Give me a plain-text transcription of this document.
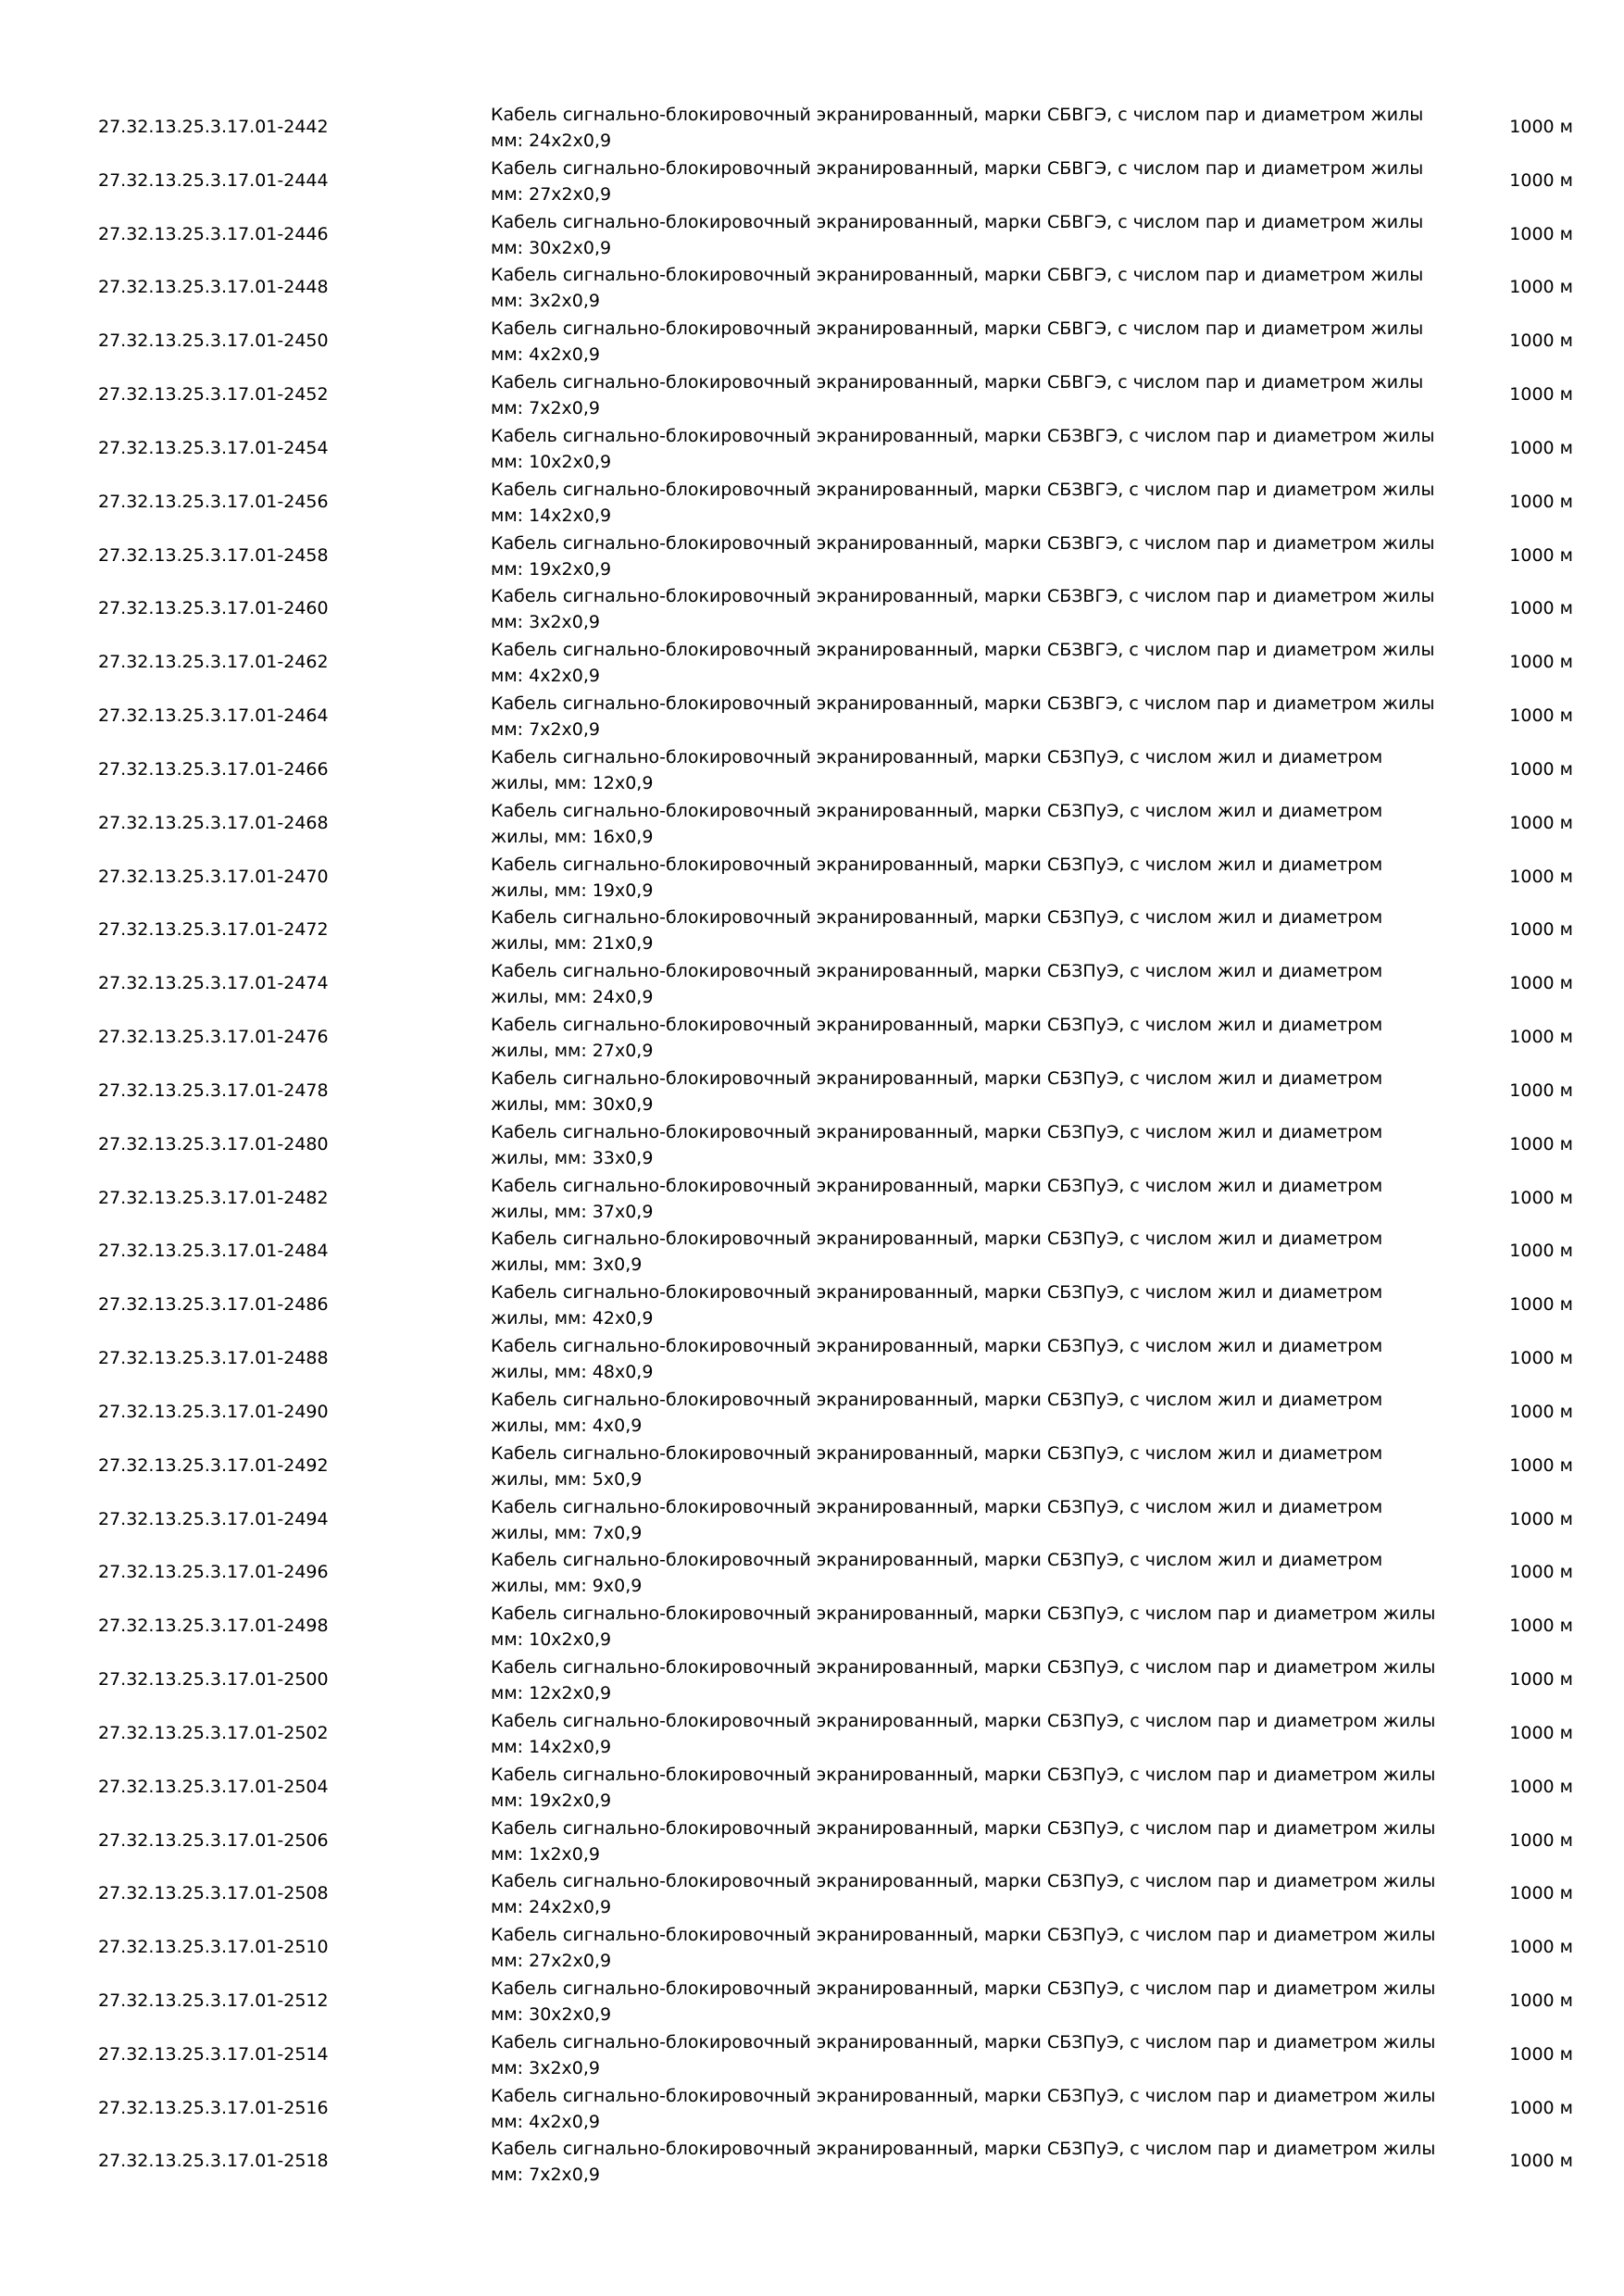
27.32.13.25.3.17.01-2442
Кабель сигнально-блокировочный экранированный, марки СБВГЭ, с числом пар и диаметром жилы
мм: 24x2x0,9
1000 м
27.32.13.25.3.17.01-2444
Кабель сигнально-блокировочный экранированный, марки СБВГЭ, с числом пар и диаметром жилы
мм: 27x2x0,9
1000 м
27.32.13.25.3.17.01-2446
Кабель сигнально-блокировочный экранированный, марки СБВГЭ, с числом пар и диаметром жилы
мм: 30x2x0,9
1000 м
27.32.13.25.3.17.01-2448
Кабель сигнально-блокировочный экранированный, марки СБВГЭ, с числом пар и диаметром жилы
мм: 3x2x0,9
1000 м
27.32.13.25.3.17.01-2450
Кабель сигнально-блокировочный экранированный, марки СБВГЭ, с числом пар и диаметром жилы
мм: 4x2x0,9
1000 м
27.32.13.25.3.17.01-2452
Кабель сигнально-блокировочный экранированный, марки СБВГЭ, с числом пар и диаметром жилы
мм: 7x2x0,9
1000 м
27.32.13.25.3.17.01-2454
Кабель сигнально-блокировочный экранированный, марки СБЗВГЭ, с числом пар и диаметром жилы
мм: 10x2x0,9
1000 м
27.32.13.25.3.17.01-2456
Кабель сигнально-блокировочный экранированный, марки СБЗВГЭ, с числом пар и диаметром жилы
мм: 14x2x0,9
1000 м
27.32.13.25.3.17.01-2458
Кабель сигнально-блокировочный экранированный, марки СБЗВГЭ, с числом пар и диаметром жилы
мм: 19x2x0,9
1000 м
27.32.13.25.3.17.01-2460
Кабель сигнально-блокировочный экранированный, марки СБЗВГЭ, с числом пар и диаметром жилы
мм: 3x2x0,9
1000 м
27.32.13.25.3.17.01-2462
Кабель сигнально-блокировочный экранированный, марки СБЗВГЭ, с числом пар и диаметром жилы
мм: 4x2x0,9
1000 м
27.32.13.25.3.17.01-2464
Кабель сигнально-блокировочный экранированный, марки СБЗВГЭ, с числом пар и диаметром жилы
мм: 7x2x0,9
1000 м
27.32.13.25.3.17.01-2466
Кабель сигнально-блокировочный экранированный, марки СБЗПуЭ, с числом жил и диаметром
жилы, мм: 12x0,9
1000 м
27.32.13.25.3.17.01-2468
Кабель сигнально-блокировочный экранированный, марки СБЗПуЭ, с числом жил и диаметром
жилы, мм: 16x0,9
1000 м
27.32.13.25.3.17.01-2470
Кабель сигнально-блокировочный экранированный, марки СБЗПуЭ, с числом жил и диаметром
жилы, мм: 19x0,9
1000 м
27.32.13.25.3.17.01-2472
Кабель сигнально-блокировочный экранированный, марки СБЗПуЭ, с числом жил и диаметром
жилы, мм: 21x0,9
1000 м
27.32.13.25.3.17.01-2474
Кабель сигнально-блокировочный экранированный, марки СБЗПуЭ, с числом жил и диаметром
жилы, мм: 24x0,9
1000 м
27.32.13.25.3.17.01-2476
Кабель сигнально-блокировочный экранированный, марки СБЗПуЭ, с числом жил и диаметром
жилы, мм: 27x0,9
1000 м
27.32.13.25.3.17.01-2478
Кабель сигнально-блокировочный экранированный, марки СБЗПуЭ, с числом жил и диаметром
жилы, мм: 30x0,9
1000 м
27.32.13.25.3.17.01-2480
Кабель сигнально-блокировочный экранированный, марки СБЗПуЭ, с числом жил и диаметром
жилы, мм: 33x0,9
1000 м
27.32.13.25.3.17.01-2482
Кабель сигнально-блокировочный экранированный, марки СБЗПуЭ, с числом жил и диаметром
жилы, мм: 37x0,9
1000 м
27.32.13.25.3.17.01-2484
Кабель сигнально-блокировочный экранированный, марки СБЗПуЭ, с числом жил и диаметром
жилы, мм: 3x0,9
1000 м
27.32.13.25.3.17.01-2486
Кабель сигнально-блокировочный экранированный, марки СБЗПуЭ, с числом жил и диаметром
жилы, мм: 42x0,9
1000 м
27.32.13.25.3.17.01-2488
Кабель сигнально-блокировочный экранированный, марки СБЗПуЭ, с числом жил и диаметром
жилы, мм: 48x0,9
1000 м
27.32.13.25.3.17.01-2490
Кабель сигнально-блокировочный экранированный, марки СБЗПуЭ, с числом жил и диаметром
жилы, мм: 4x0,9
1000 м
27.32.13.25.3.17.01-2492
Кабель сигнально-блокировочный экранированный, марки СБЗПуЭ, с числом жил и диаметром
жилы, мм: 5x0,9
1000 м
27.32.13.25.3.17.01-2494
Кабель сигнально-блокировочный экранированный, марки СБЗПуЭ, с числом жил и диаметром
жилы, мм: 7x0,9
1000 м
27.32.13.25.3.17.01-2496
Кабель сигнально-блокировочный экранированный, марки СБЗПуЭ, с числом жил и диаметром
жилы, мм: 9x0,9
1000 м
27.32.13.25.3.17.01-2498
Кабель сигнально-блокировочный экранированный, марки СБЗПуЭ, с числом пар и диаметром жилы
мм: 10x2x0,9
1000 м
27.32.13.25.3.17.01-2500
Кабель сигнально-блокировочный экранированный, марки СБЗПуЭ, с числом пар и диаметром жилы
мм: 12x2x0,9
1000 м
27.32.13.25.3.17.01-2502
Кабель сигнально-блокировочный экранированный, марки СБЗПуЭ, с числом пар и диаметром жилы
мм: 14x2x0,9
1000 м
27.32.13.25.3.17.01-2504
Кабель сигнально-блокировочный экранированный, марки СБЗПуЭ, с числом пар и диаметром жилы
мм: 19x2x0,9
1000 м
27.32.13.25.3.17.01-2506
Кабель сигнально-блокировочный экранированный, марки СБЗПуЭ, с числом пар и диаметром жилы
мм: 1x2x0,9
1000 м
27.32.13.25.3.17.01-2508
Кабель сигнально-блокировочный экранированный, марки СБЗПуЭ, с числом пар и диаметром жилы
мм: 24x2x0,9
1000 м
27.32.13.25.3.17.01-2510
Кабель сигнально-блокировочный экранированный, марки СБЗПуЭ, с числом пар и диаметром жилы
мм: 27x2x0,9
1000 м
27.32.13.25.3.17.01-2512
Кабель сигнально-блокировочный экранированный, марки СБЗПуЭ, с числом пар и диаметром жилы
мм: 30x2x0,9
1000 м
27.32.13.25.3.17.01-2514
Кабель сигнально-блокировочный экранированный, марки СБЗПуЭ, с числом пар и диаметром жилы
мм: 3x2x0,9
1000 м
27.32.13.25.3.17.01-2516
Кабель сигнально-блокировочный экранированный, марки СБЗПуЭ, с числом пар и диаметром жилы
мм: 4x2x0,9
1000 м
27.32.13.25.3.17.01-2518
Кабель сигнально-блокировочный экранированный, марки СБЗПуЭ, с числом пар и диаметром жилы
мм: 7x2x0,9
1000 м
